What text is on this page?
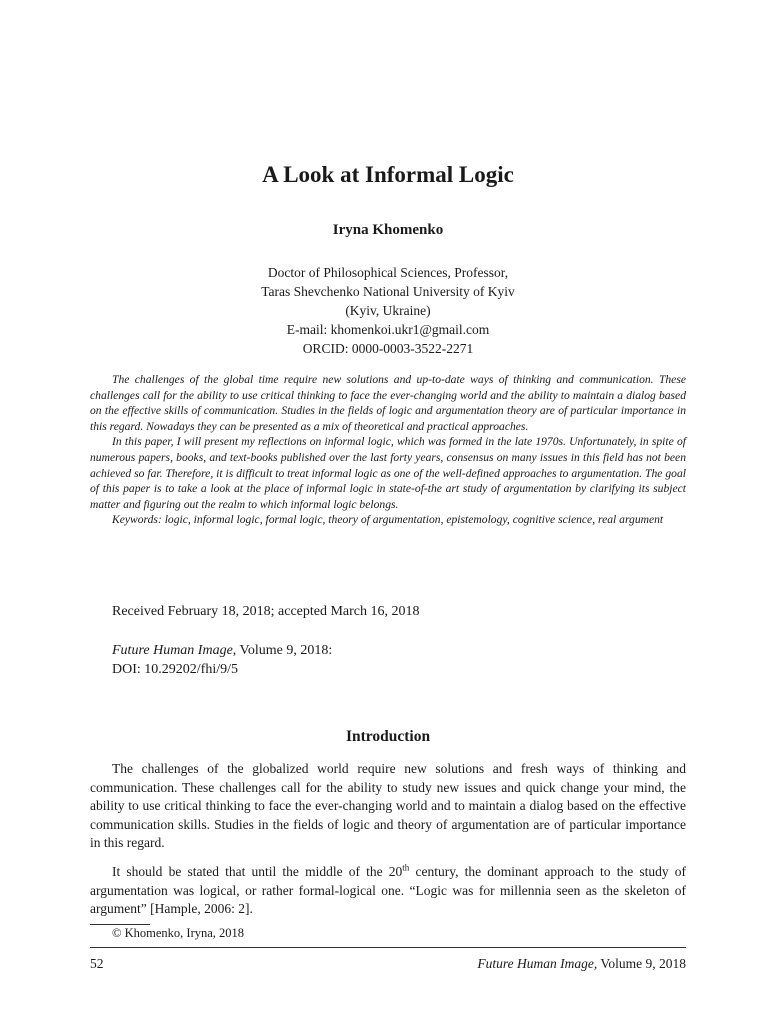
A Look at Informal Logic
Iryna Khomenko
Doctor of Philosophical Sciences, Professor,
Taras Shevchenko National University of Kyiv
(Kyiv, Ukraine)
E-mail: khomenkoi.ukr1@gmail.com
ORCID: 0000-0003-3522-2271

The challenges of the global time require new solutions and up-to-date ways of thinking and communication. These challenges call for the ability to use critical thinking to face the ever-changing world and the ability to maintain a dialog based on the effective skills of communication. Studies in the fields of logic and argumentation theory are of particular importance in this regard. Nowadays they can be presented as a mix of theoretical and practical approaches.

In this paper, I will present my reflections on informal logic, which was formed in the late 1970s. Unfortunately, in spite of numerous papers, books, and text-books published over the last forty years, consensus on many issues in this field has not been achieved so far. Therefore, it is difficult to treat informal logic as one of the well-defined approaches to argumentation. The goal of this paper is to take a look at the place of informal logic in state-of-the art study of argumentation by clarifying its subject matter and figuring out the realm to which informal logic belongs.

Keywords: logic, informal logic, formal logic, theory of argumentation, epistemology, cognitive science, real argument

Received February 18, 2018; accepted March 16, 2018
Future Human Image, Volume 9, 2018:
DOI: 10.29202/fhi/9/5
Introduction

The challenges of the globalized world require new solutions and fresh ways of thinking and communication. These challenges call for the ability to study new issues and quick change your mind, the ability to use critical thinking to face the ever-changing world and to maintain a dialog based on the effective communication skills. Studies in the fields of logic and theory of argumentation are of particular importance in this regard.

It should be stated that until the middle of the 20th century, the dominant approach to the study of argumentation was logical, or rather formal-logical one. “Logic was for millennia seen as the skeleton of argument” [Hample, 2006: 2].

© Khomenko, Iryna, 2018
52	Future Human Image, Volume 9, 2018
